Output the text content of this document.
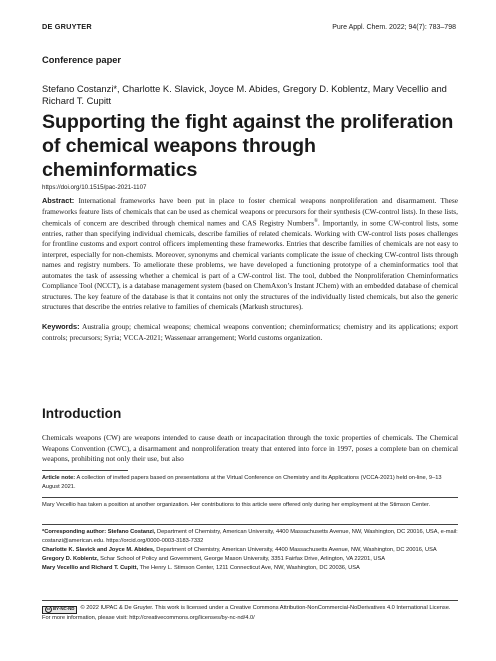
DE GRUYTER	Pure Appl. Chem. 2022; 94(7): 783–798
Conference paper
Stefano Costanzi*, Charlotte K. Slavick, Joyce M. Abides, Gregory D. Koblentz, Mary Vecellio and Richard T. Cupitt
Supporting the fight against the proliferation of chemical weapons through cheminformatics
https://doi.org/10.1515/pac-2021-1107

Abstract: International frameworks have been put in place to foster chemical weapons nonproliferation and disarmament. These frameworks feature lists of chemicals that can be used as chemical weapons or precursors for their synthesis (CW-control lists). In these lists, chemicals of concern are described through chemical names and CAS Registry Numbers®. Importantly, in some CW-control lists, some entries, rather than specifying individual chemicals, describe families of related chemicals. Working with CW-control lists poses challenges for frontline customs and export control officers implementing these frameworks. Entries that describe families of chemicals are not easy to interpret, especially for non-chemists. Moreover, synonyms and chemical variants complicate the issue of checking CW-control lists through names and registry numbers. To ameliorate these problems, we have developed a functioning prototype of a cheminformatics tool that automates the task of assessing whether a chemical is part of a CW-control list. The tool, dubbed the Nonproliferation Cheminformatics Compliance Tool (NCCT), is a database management system (based on ChemAxon’s Instant JChem) with an embedded database of chemical structures. The key feature of the database is that it contains not only the structures of the individually listed chemicals, but also the generic structures that describe the entries relative to families of chemicals (Markush structures).

Keywords: Australia group; chemical weapons; chemical weapons convention; cheminformatics; chemistry and its applications; export controls; precursors; Syria; VCCA-2021; Wassenaar arrangement; World customs organization.

Introduction

Chemicals weapons (CW) are weapons intended to cause death or incapacitation through the toxic properties of chemicals. The Chemical Weapons Convention (CWC), a disarmament and nonproliferation treaty that entered into force in 1997, poses a complete ban on chemical weapons, prohibiting not only their use, but also

Article note: A collection of invited papers based on presentations at the Virtual Conference on Chemistry and its Applications (VCCA-2021) held on-line, 9–13 August 2021.

Mary Vecellio has taken a position at another organization. Her contributions to this article were offered only during her employment at the Stimson Center.

*Corresponding author: Stefano Costanzi, Department of Chemistry, American University, 4400 Massachusetts Avenue, NW, Washington, DC 20016, USA, e-mail: costanzi@american.edu. https://orcid.org/0000-0003-3183-7332
Charlotte K. Slavick and Joyce M. Abides, Department of Chemistry, American University, 4400 Massachusetts Avenue, NW, Washington, DC 20016, USA
Gregory D. Koblentz, Schar School of Policy and Government, George Mason University, 3351 Fairfax Drive, Arlington, VA 22201, USA
Mary Vecellio and Richard T. Cupitt, The Henry L. Stimson Center, 1211 Connecticut Ave, NW, Washington, DC 20036, USA

cc BY-NC-ND © 2022 IUPAC & De Gruyter. This work is licensed under a Creative Commons Attribution-NonCommercial-NoDerivatives 4.0 International License. For more information, please visit: http://creativecommons.org/licenses/by-nc-nd/4.0/
